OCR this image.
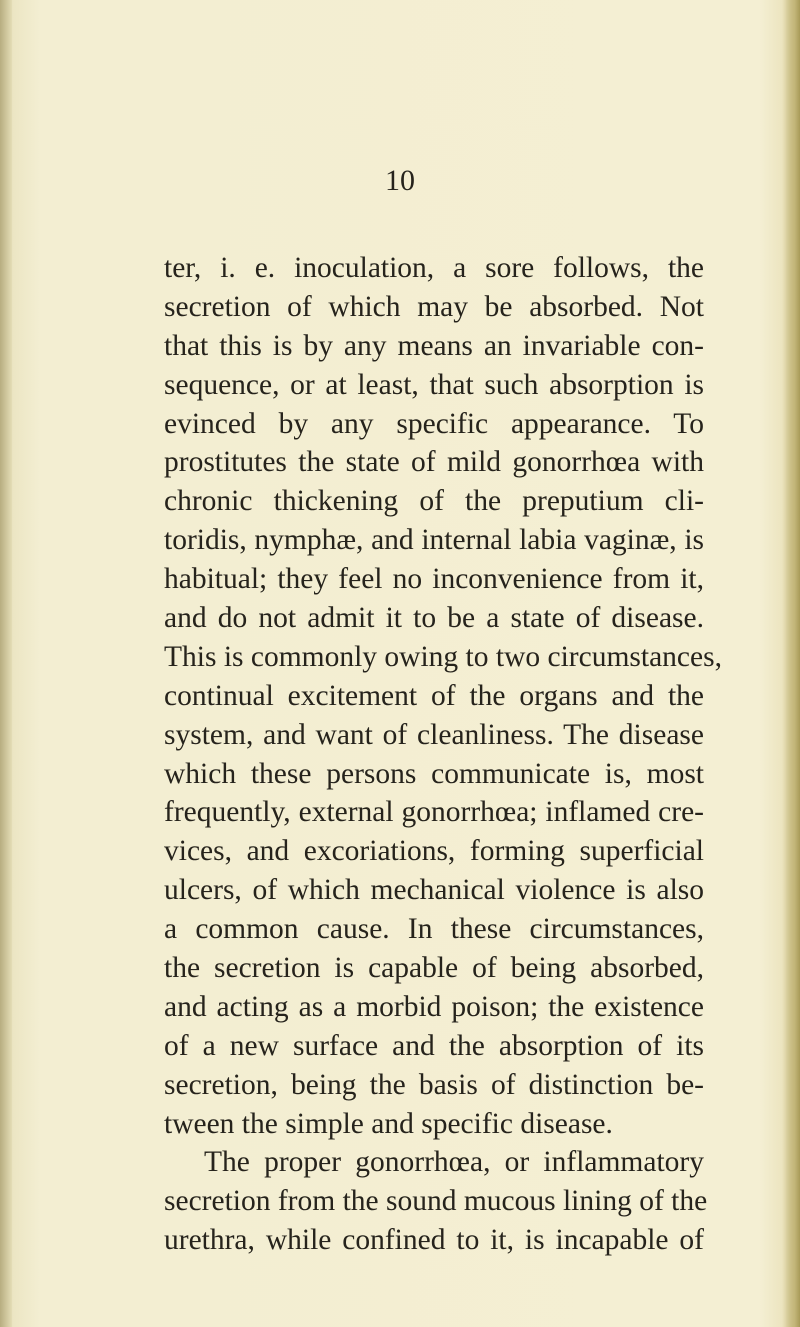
10
ter, i. e. inoculation, a sore follows, the
secretion of which may be absorbed. Not
that this is by any means an invariable con-
sequence, or at least, that such absorption is
evinced by any specific appearance. To
prostitutes the state of mild gonorrhœa with
chronic thickening of the preputium cli-
toridis, nymphæ, and internal labia vaginæ, is
habitual; they feel no inconvenience from it,
and do not admit it to be a state of disease.
This is commonly owing to two circumstances,
continual excitement of the organs and the
system, and want of cleanliness. The disease
which these persons communicate is, most
frequently, external gonorrhœa; inflamed cre-
vices, and excoriations, forming superficial
ulcers, of which mechanical violence is also
a common cause. In these circumstances,
the secretion is capable of being absorbed,
and acting as a morbid poison; the existence
of a new surface and the absorption of its
secretion, being the basis of distinction be-
tween the simple and specific disease.
The proper gonorrhœa, or inflammatory
secretion from the sound mucous lining of the
urethra, while confined to it, is incapable of
